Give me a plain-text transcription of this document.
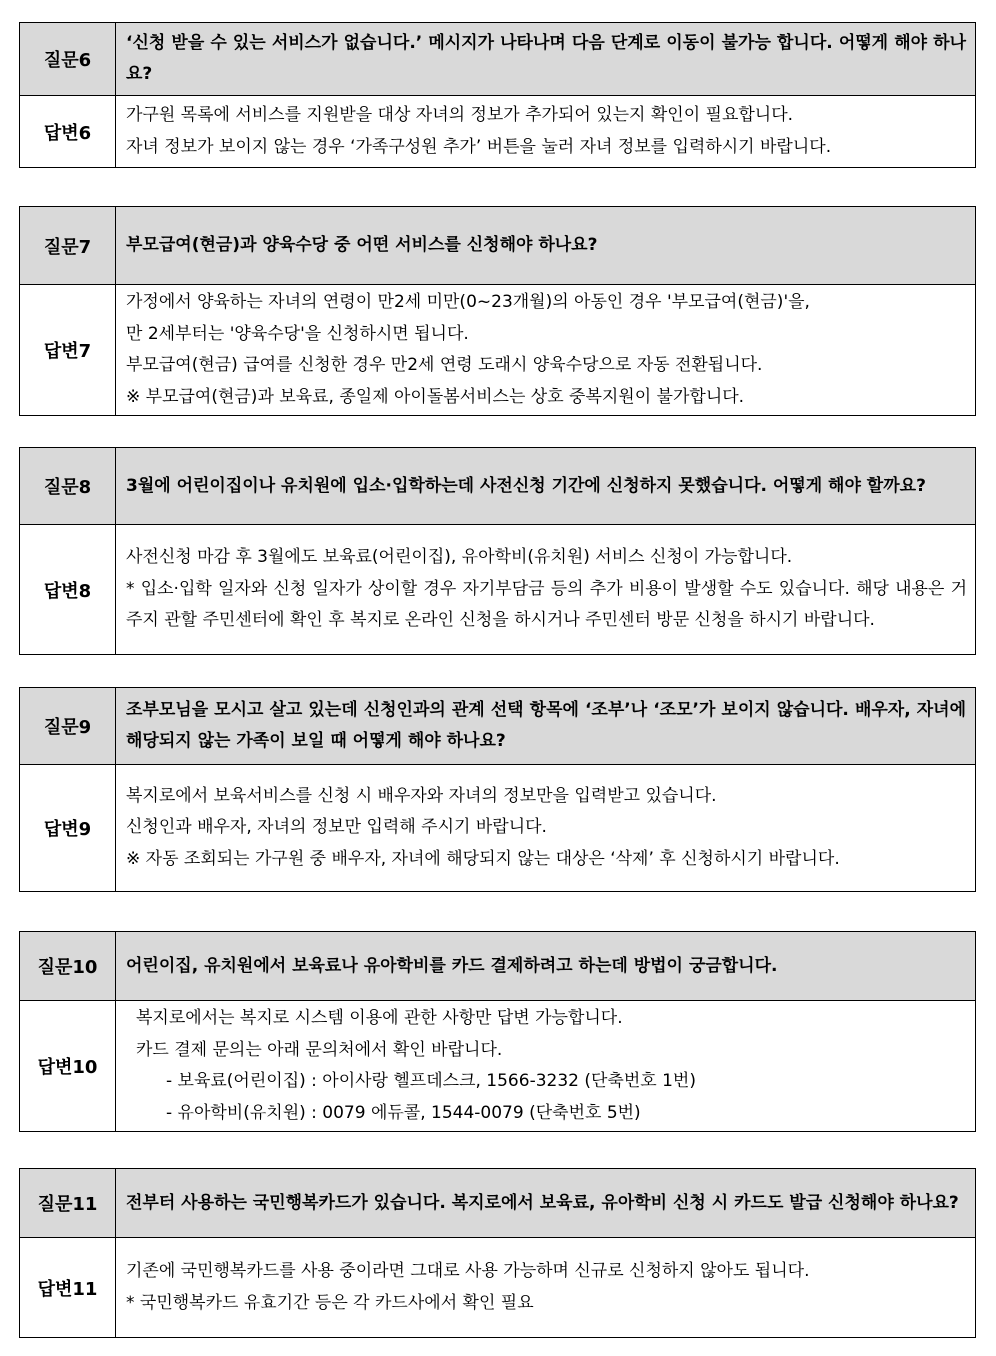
질문6	‘신청 받을 수 있는 서비스가 없습니다.’ 메시지가 나타나며 다음 단계로 이동이 불가능 합니다. 어떻게 해야 하나요?
답변6	가구원 목록에 서비스를 지원받을 대상 자녀의 정보가 추가되어 있는지 확인이 필요합니다.
자녀 정보가 보이지 않는 경우 ‘가족구성원 추가’ 버튼을 눌러 자녀 정보를 입력하시기 바랍니다.
질문7	부모급여(현금)과 양육수당 중 어떤 서비스를 신청해야 하나요?
답변7	가정에서 양육하는 자녀의 연령이 만2세 미만(0~23개월)의 아동인 경우 '부모급여(현금)'을,
만 2세부터는 '양육수당'을 신청하시면 됩니다.
부모급여(현금) 급여를 신청한 경우 만2세 연령 도래시 양육수당으로 자동 전환됩니다.
※ 부모급여(현금)과 보육료, 종일제 아이돌봄서비스는 상호 중복지원이 불가합니다.
질문8	3월에 어린이집이나 유치원에 입소·입학하는데 사전신청 기간에 신청하지 못했습니다. 어떻게 해야 할까요?
답변8	사전신청 마감 후 3월에도 보육료(어린이집), 유아학비(유치원) 서비스 신청이 가능합니다.
* 입소·입학 일자와 신청 일자가 상이할 경우 자기부담금 등의 추가 비용이 발생할 수도 있습니다. 해당 내용은 거주지 관할 주민센터에 확인 후 복지로 온라인 신청을 하시거나 주민센터 방문 신청을 하시기 바랍니다.
질문9	조부모님을 모시고 살고 있는데 신청인과의 관계 선택 항목에 ‘조부’나 ‘조모’가 보이지 않습니다. 배우자, 자녀에 해당되지 않는 가족이 보일 때 어떻게 해야 하나요?
답변9	복지로에서 보육서비스를 신청 시 배우자와 자녀의 정보만을 입력받고 있습니다.
신청인과 배우자, 자녀의 정보만 입력해 주시기 바랍니다.
※ 자동 조회되는 가구원 중 배우자, 자녀에 해당되지 않는 대상은 ‘삭제’ 후 신청하시기 바랍니다.
질문10	어린이집, 유치원에서 보육료나 유아학비를 카드 결제하려고 하는데 방법이 궁금합니다.
답변10	복지로에서는 복지로 시스템 이용에 관한 사항만 답변 가능합니다.
카드 결제 문의는 아래 문의처에서 확인 바랍니다.
- 보육료(어린이집) : 아이사랑 헬프데스크, 1566-3232 (단축번호 1번)
- 유아학비(유치원) : 0079 에듀콜, 1544-0079 (단축번호 5번)
질문11	전부터 사용하는 국민행복카드가 있습니다. 복지로에서 보육료, 유아학비 신청 시 카드도 발급 신청해야 하나요?
답변11	기존에 국민행복카드를 사용 중이라면 그대로 사용 가능하며 신규로 신청하지 않아도 됩니다.
* 국민행복카드 유효기간 등은 각 카드사에서 확인 필요
